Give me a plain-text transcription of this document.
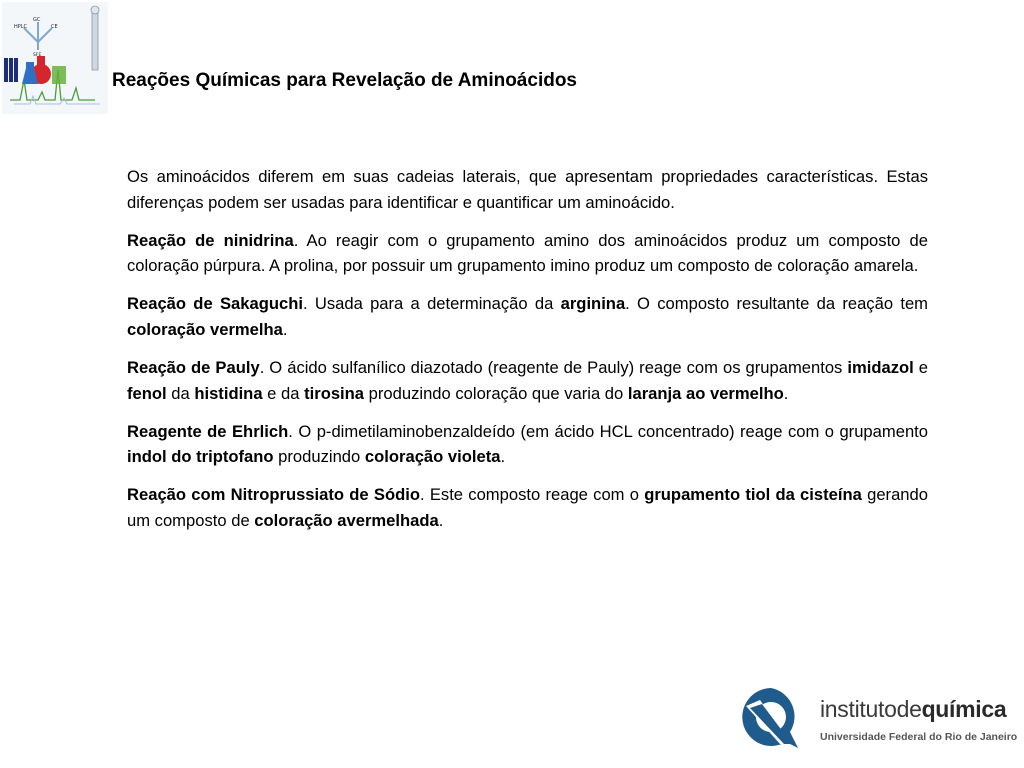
GC
HPLC	CE
SFE
Reações Químicas para Revelação de Aminoácidos

Os aminoácidos diferem em suas cadeias laterais, que apresentam propriedades características. Estas diferenças podem ser usadas para identificar e quantificar um aminoácido.

Reação de ninidrina. Ao reagir com o grupamento amino dos aminoácidos produz um composto de coloração púrpura. A prolina, por possuir um grupamento imino produz um composto de coloração amarela.

Reação de Sakaguchi. Usada para a determinação da arginina. O composto resultante da reação tem coloração vermelha.

Reação de Pauly. O ácido sulfanílico diazotado (reagente de Pauly) reage com os grupamentos imidazol e fenol da histidina e da tirosina produzindo coloração que varia do laranja ao vermelho.

Reagente de Ehrlich. O p-dimetilaminobenzaldeído (em ácido HCL concentrado) reage com o grupamento indol do triptofano produzindo coloração violeta.

Reação com Nitroprussiato de Sódio. Este composto reage com o grupamento tiol da cisteína gerando um composto de coloração avermelhada.

institutodequímica
Universidade Federal do Rio de Janeiro
